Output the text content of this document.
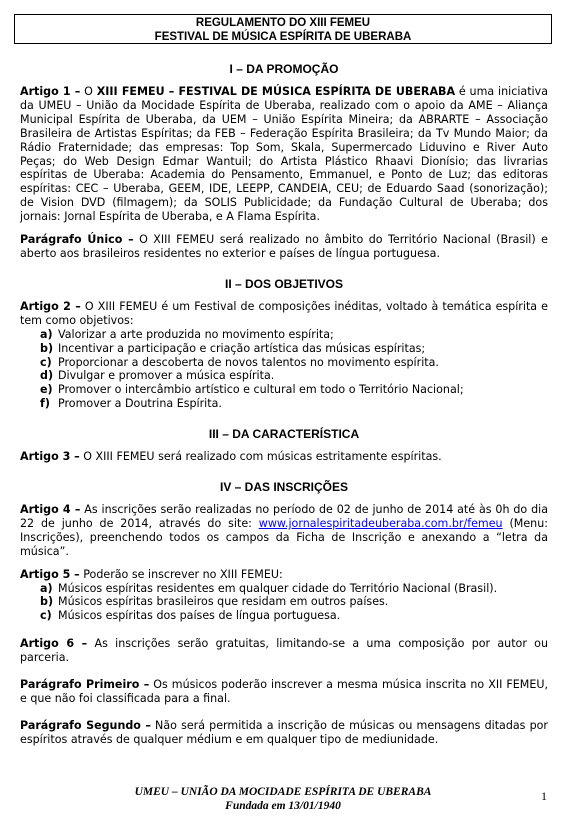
REGULAMENTO DO XIII FEMEU
FESTIVAL DE MÚSICA ESPÍRITA DE UBERABA
I – DA PROMOÇÃO

Artigo 1 – O XIII FEMEU – FESTIVAL DE MÚSICA ESPÍRITA DE UBERABA é uma iniciativa da UMEU – União da Mocidade Espírita de Uberaba, realizado com o apoio da AME – Aliança Municipal Espírita de Uberaba, da UEM – União Espírita Mineira; da ABRARTE – Associação Brasileira de Artistas Espíritas; da FEB – Federação Espírita Brasileira; da Tv Mundo Maior; da Rádio Fraternidade; das empresas: Top Som, Skala, Supermercado Liduvino e River Auto Peças; do Web Design Edmar Wantuil; do Artista Plástico Rhaavi Dionísio; das livrarias espíritas de Uberaba: Academia do Pensamento, Emmanuel, e Ponto de Luz; das editoras espíritas: CEC – Uberaba, GEEM, IDE, LEEPP, CANDEIA, CEU; de Eduardo Saad (sonorização); de Vision DVD (filmagem); da SOLIS Publicidade; da Fundação Cultural de Uberaba; dos jornais: Jornal Espírita de Uberaba, e A Flama Espírita.

Parágrafo Único – O XIII FEMEU será realizado no âmbito do Território Nacional (Brasil) e aberto aos brasileiros residentes no exterior e países de língua portuguesa.

II – DOS OBJETIVOS

Artigo 2 – O XIII FEMEU é um Festival de composições inéditas, voltado à temática espírita e tem como objetivos:

a) Valorizar a arte produzida no movimento espírita;
b) Incentivar a participação e criação artística das músicas espíritas;
c) Proporcionar a descoberta de novos talentos no movimento espírita.
d) Divulgar e promover a música espírita.
e) Promover o intercâmbio artístico e cultural em todo o Território Nacional;
f) Promover a Doutrina Espírita.
III – DA CARACTERÍSTICA

Artigo 3 – O XIII FEMEU será realizado com músicas estritamente espíritas.

IV – DAS INSCRIÇÕES

Artigo 4 – As inscrições serão realizadas no período de 02 de junho de 2014 até às 0h do dia 22 de junho de 2014, através do site: www.jornalespiritadeuberaba.com.br/femeu (Menu: Inscrições), preenchendo todos os campos da Ficha de Inscrição e anexando a “letra da música”.

Artigo 5 – Poderão se inscrever no XIII FEMEU:

a) Músicos espíritas residentes em qualquer cidade do Território Nacional (Brasil).
b) Músicos espíritas brasileiros que residam em outros países.
c) Músicos espíritas dos países de língua portuguesa.

Artigo 6 – As inscrições serão gratuitas, limitando-se a uma composição por autor ou parceria.

Parágrafo Primeiro – Os músicos poderão inscrever a mesma música inscrita no XII FEMEU, e que não foi classificada para a final.

Parágrafo Segundo – Não será permitida a inscrição de músicas ou mensagens ditadas por espíritos através de qualquer médium e em qualquer tipo de mediunidade.

UMEU – UNIÃO DA MOCIDADE ESPÍRITA DE UBERABA
Fundada em 13/01/1940
1
